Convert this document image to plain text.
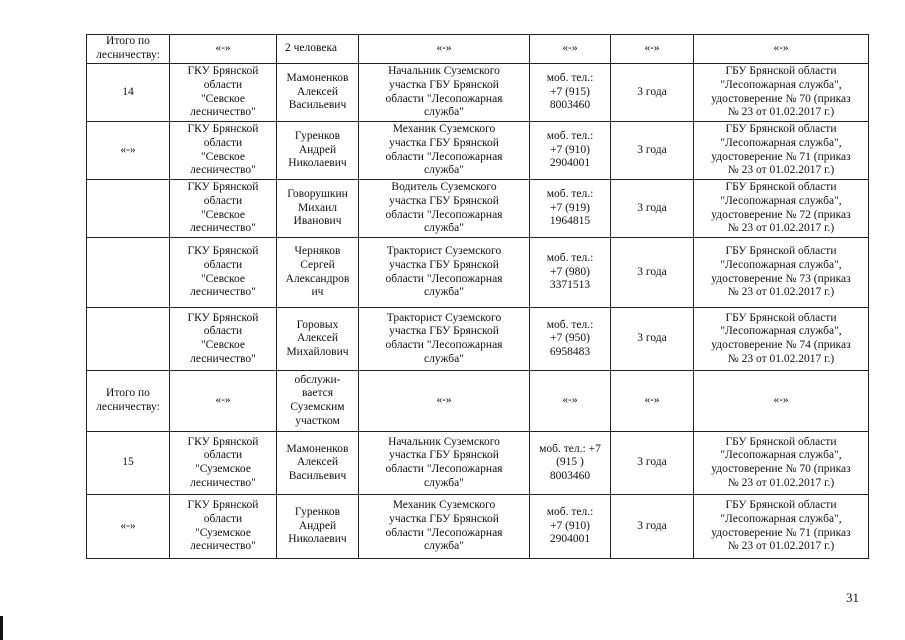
Итого по
лесничеству:	«-»	2 человека	«-»	«-»	«-»	«-»
14	ГКУ Брянской
области
"Севское
лесничество"	Мамоненков
Алексей
Васильевич	Начальник Суземского
участка ГБУ Брянской
области "Лесопожарная
служба"	моб. тел.:
+7 (915)
8003460	3 года	ГБУ Брянской области
"Лесопожарная служба",
удостоверение № 70 (приказ
№ 23 от 01.02.2017 г.)
«-»	ГКУ Брянской
области
"Севское
лесничество"	Гуренков
Андрей
Николаевич	Механик Суземского
участка ГБУ Брянской
области "Лесопожарная
служба"	моб. тел.:
+7 (910)
2904001	3 года	ГБУ Брянской области
"Лесопожарная служба",
удостоверение № 71 (приказ
№ 23 от 01.02.2017 г.)
	ГКУ Брянской
области
"Севское
лесничество"	Говорушкин
Михаил
Иванович	Водитель Суземского
участка ГБУ Брянской
области "Лесопожарная
служба"	моб. тел.:
+7 (919)
1964815	3 года	ГБУ Брянской области
"Лесопожарная служба",
удостоверение № 72 (приказ
№ 23 от 01.02.2017 г.)
	ГКУ Брянской
области
"Севское
лесничество"	Черняков
Сергей
Александров
ич	Тракторист Суземского
участка ГБУ Брянской
области "Лесопожарная
служба"	моб. тел.:
+7 (980)
3371513	3 года	ГБУ Брянской области
"Лесопожарная служба",
удостоверение № 73 (приказ
№ 23 от 01.02.2017 г.)
	ГКУ Брянской
области
"Севское
лесничество"	Горовых
Алексей
Михайлович	Тракторист Суземского
участка ГБУ Брянской
области "Лесопожарная
служба"	моб. тел.:
+7 (950)
6958483	3 года	ГБУ Брянской области
"Лесопожарная служба",
удостоверение № 74 (приказ
№ 23 от 01.02.2017 г.)
Итого по
лесничеству:	«-»	обслужи-
вается
Суземским
участком	«-»	«-»	«-»	«-»
15	ГКУ Брянской
области
"Суземское
лесничество"	Мамоненков
Алексей
Васильевич	Начальник Суземского
участка ГБУ Брянской
области "Лесопожарная
служба"	моб. тел.: +7
(915 )
8003460	3 года	ГБУ Брянской области
"Лесопожарная служба",
удостоверение № 70 (приказ
№ 23 от 01.02.2017 г.)
«-»	ГКУ Брянской
области
"Суземское
лесничество"	Гуренков
Андрей
Николаевич	Механик Суземского
участка ГБУ Брянской
области "Лесопожарная
служба"	моб. тел.:
+7 (910)
2904001	3 года	ГБУ Брянской области
"Лесопожарная служба",
удостоверение № 71 (приказ
№ 23 от 01.02.2017 г.)
31
